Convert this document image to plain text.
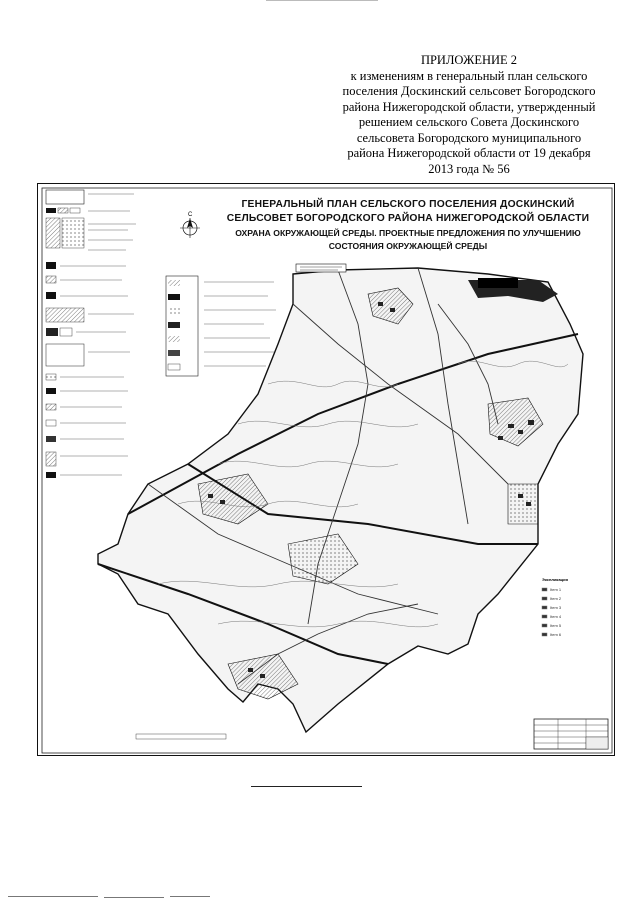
ПРИЛОЖЕНИЕ 2
к изменениям в генеральный план сельского
поселения Доскинский сельсовет Богородского
района Нижегородской области, утвержденный
решением сельского Совета Доскинского
сельсовета Богородского муниципального
района Нижегородской области от 19 декабря
2013 года № 56
Item 1
Item 2
Item 3
Item 4
Item 5
Item 6
ГЕНЕРАЛЬНЫЙ ПЛАН СЕЛЬСКОГО ПОСЕЛЕНИЯ ДОСКИНСКИЙ
СЕЛЬСОВЕТ БОГОРОДСКОГО РАЙОНА НИЖЕГОРОДСКОЙ ОБЛАСТИ
ОХРАНА ОКРУЖАЮЩЕЙ СРЕДЫ. ПРОЕКТНЫЕ ПРЕДЛОЖЕНИЯ ПО УЛУЧШЕНИЮ
СОСТОЯНИЯ ОКРУЖАЮЩЕЙ СРЕДЫ
С
Экспликация
